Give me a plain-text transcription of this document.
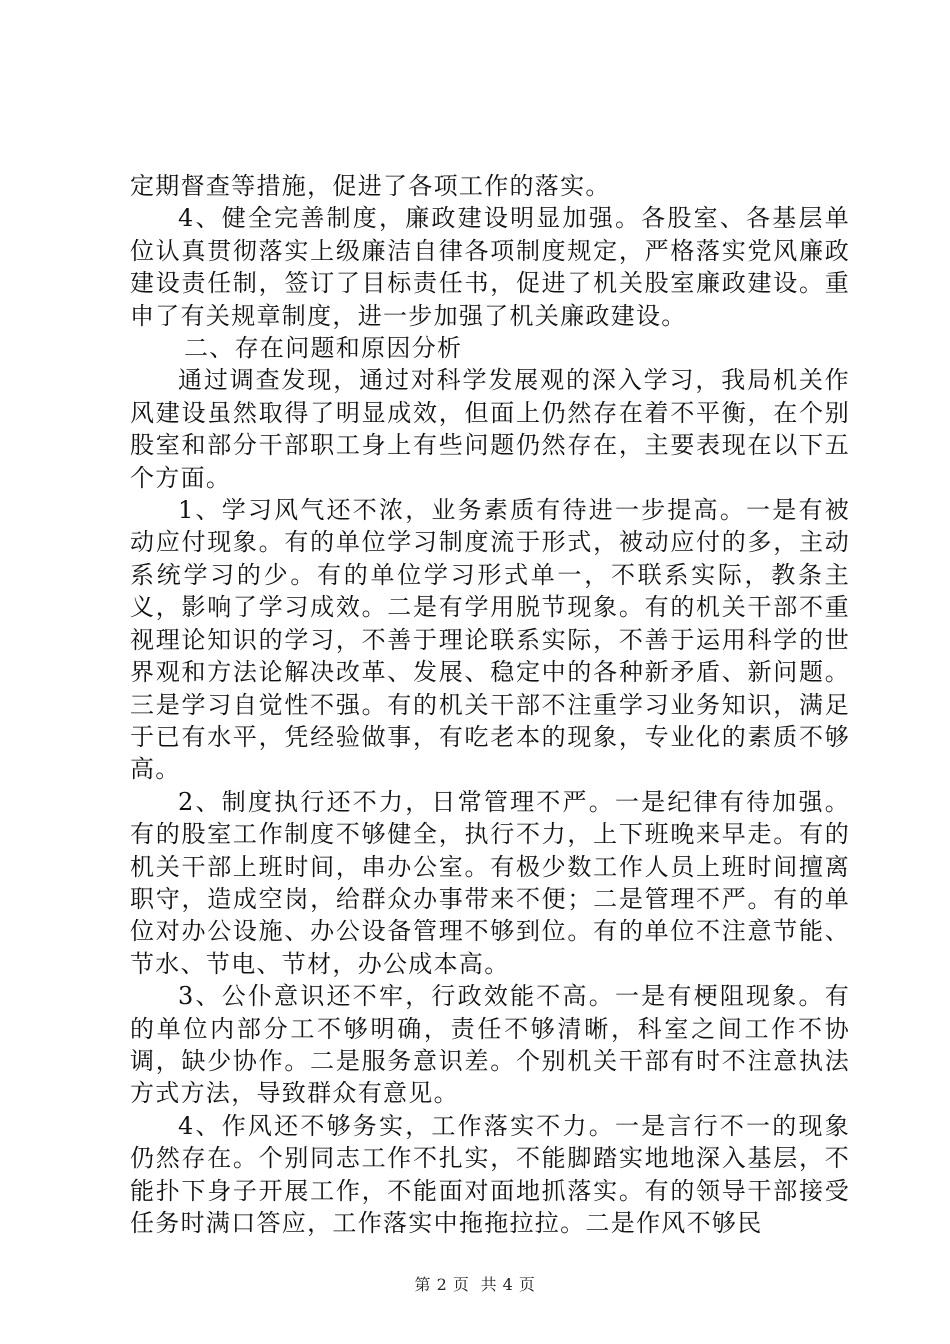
定期督查等措施，促进了各项工作的落实。

4、健全完善制度，廉政建设明显加强。各股室、各基层单位认真贯彻落实上级廉洁自律各项制度规定，严格落实党风廉政建设责任制，签订了目标责任书，促进了机关股室廉政建设。重申了有关规章制度，进一步加强了机关廉政建设。

二、存在问题和原因分析

通过调查发现，通过对科学发展观的深入学习，我局机关作风建设虽然取得了明显成效，但面上仍然存在着不平衡，在个别股室和部分干部职工身上有些问题仍然存在，主要表现在以下五个方面。

1、学习风气还不浓，业务素质有待进一步提高。一是有被动应付现象。有的单位学习制度流于形式，被动应付的多，主动系统学习的少。有的单位学习形式单一，不联系实际，教条主义，影响了学习成效。二是有学用脱节现象。有的机关干部不重视理论知识的学习，不善于理论联系实际，不善于运用科学的世界观和方法论解决改革、发展、稳定中的各种新矛盾、新问题。三是学习自觉性不强。有的机关干部不注重学习业务知识，满足于已有水平，凭经验做事，有吃老本的现象，专业化的素质不够高。

2、制度执行还不力，日常管理不严。一是纪律有待加强。有的股室工作制度不够健全，执行不力，上下班晚来早走。有的机关干部上班时间，串办公室。有极少数工作人员上班时间擅离职守，造成空岗，给群众办事带来不便；二是管理不严。有的单位对办公设施、办公设备管理不够到位。有的单位不注意节能、节水、节电、节材，办公成本高。

3、公仆意识还不牢，行政效能不高。一是有梗阻现象。有的单位内部分工不够明确，责任不够清晰，科室之间工作不协调，缺少协作。二是服务意识差。个别机关干部有时不注意执法方式方法，导致群众有意见。

4、作风还不够务实，工作落实不力。一是言行不一的现象仍然存在。个别同志工作不扎实，不能脚踏实地地深入基层，不能扑下身子开展工作，不能面对面地抓落实。有的领导干部接受任务时满口答应，工作落实中拖拖拉拉。二是作风不够民

第 2 页  共 4 页
